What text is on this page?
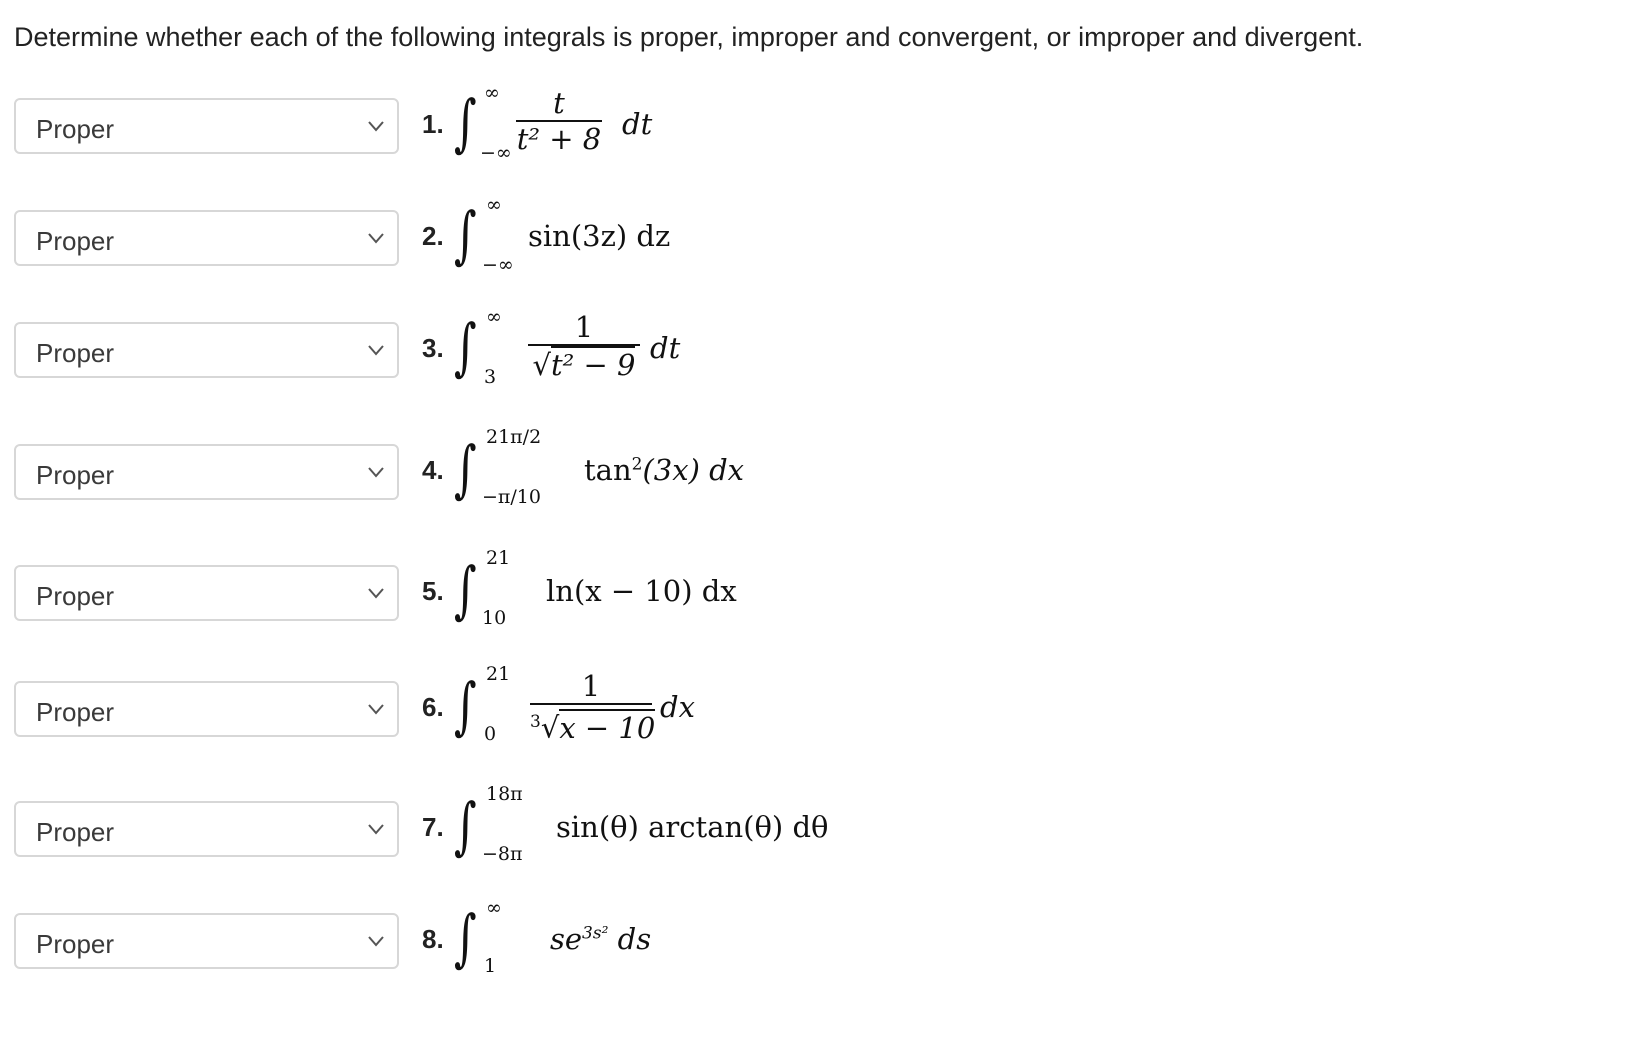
Determine whether each of the following integrals is proper, improper and convergent, or improper and divergent.
Proper	1. ∫ ∞
−∞ $\frac{t}{\text{t² + 8}}$ dt
Proper	2. ∫ ∞
−∞
sin(3z) dz
Proper	3. ∫ ∞
$3 \frac{1}{\text{√t² − 9}}$ dt
Proper	4. ∫ 21π/2
−π/10
$\tan^2(3x)$ dx
Proper	5. ∫ 21
10
ln(x − 10) dx
Proper	6. ∫ 21
$0 \frac{1}{^3√x - 10}$ dx
Proper	7. ∫ 18π
−8π
sin(θ) arctan(θ) dθ
Proper	8. ∫ ∞
1
$se^{3s^2}$ ds
